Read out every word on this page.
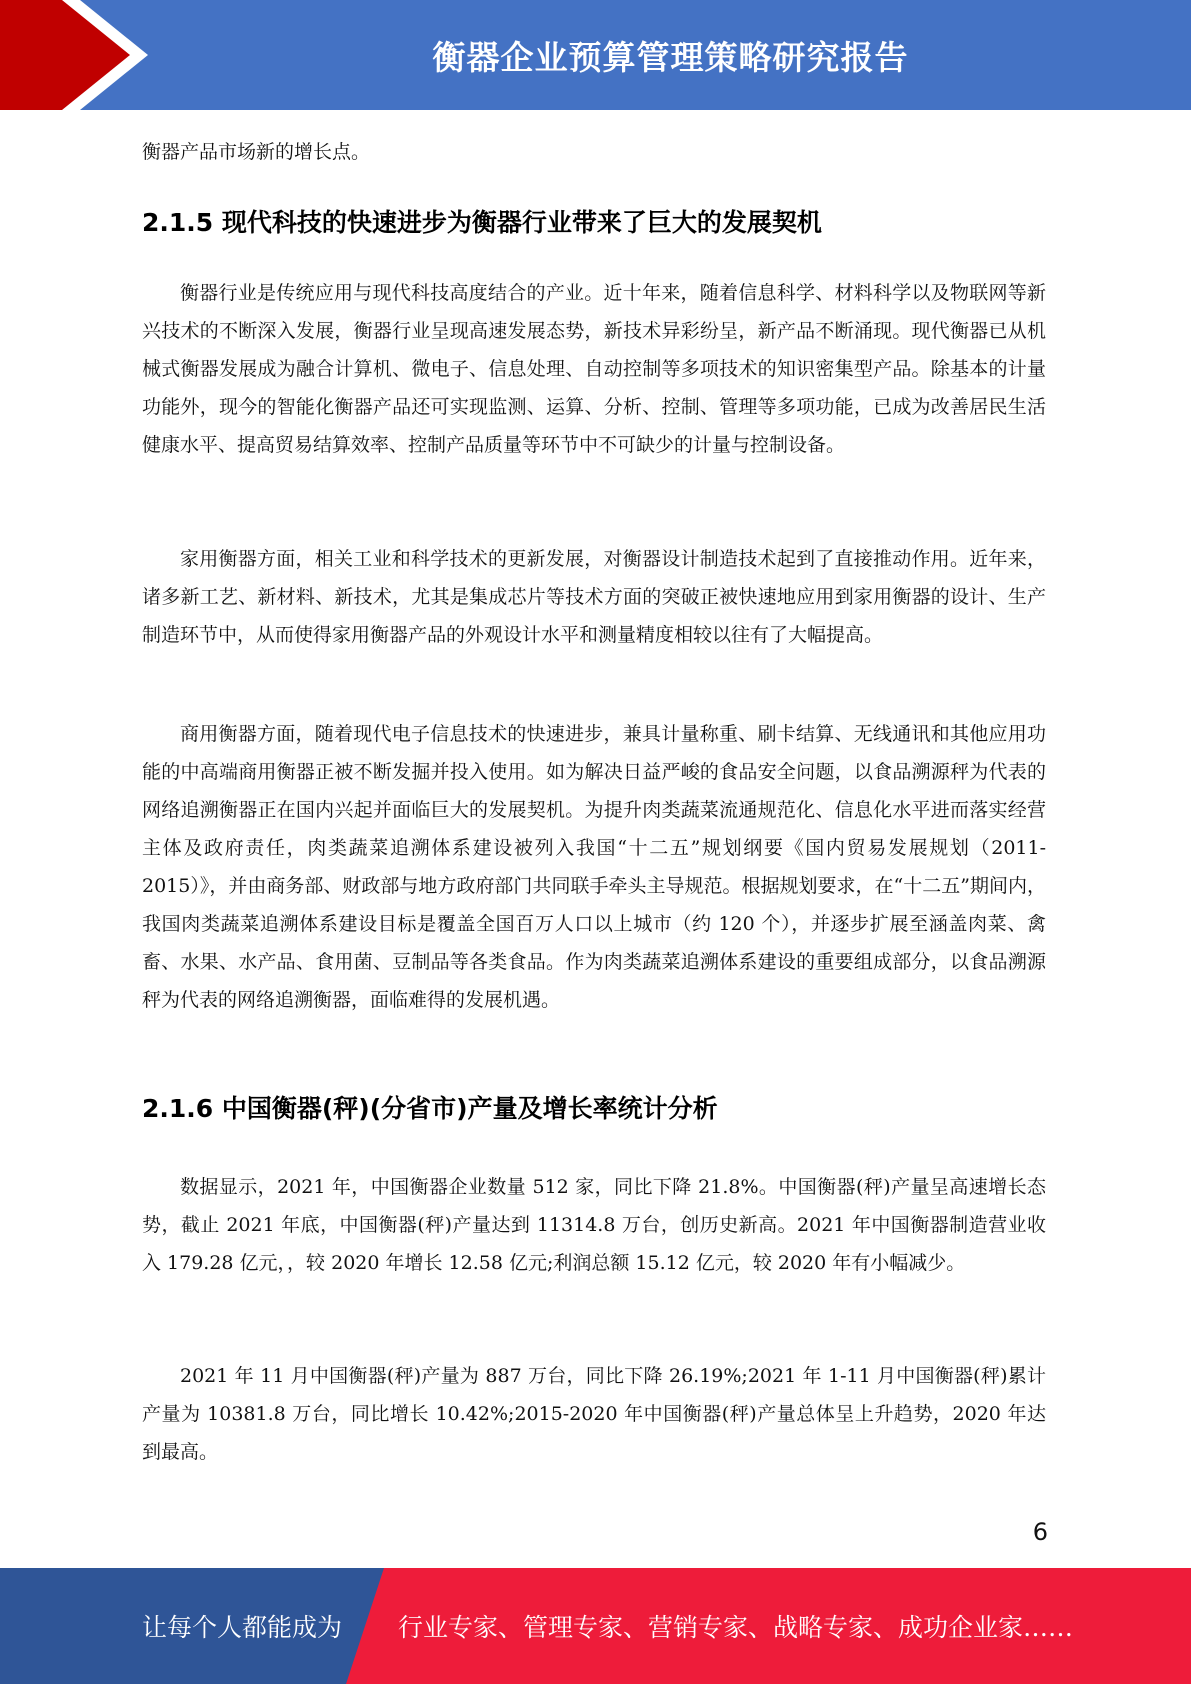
衡器企业预算管理策略研究报告

衡器产品市场新的增长点。

2.1.5 现代科技的快速进步为衡器行业带来了巨大的发展契机

衡器行业是传统应用与现代科技高度结合的产业。近十年来，随着信息科学、材料科学以及物联网等新兴技术的不断深入发展，衡器行业呈现高速发展态势，新技术异彩纷呈，新产品不断涌现。现代衡器已从机械式衡器发展成为融合计算机、微电子、信息处理、自动控制等多项技术的知识密集型产品。除基本的计量功能外，现今的智能化衡器产品还可实现监测、运算、分析、控制、管理等多项功能，已成为改善居民生活健康水平、提高贸易结算效率、控制产品质量等环节中不可缺少的计量与控制设备。

家用衡器方面，相关工业和科学技术的更新发展，对衡器设计制造技术起到了直接推动作用。近年来，诸多新工艺、新材料、新技术，尤其是集成芯片等技术方面的突破正被快速地应用到家用衡器的设计、生产制造环节中，从而使得家用衡器产品的外观设计水平和测量精度相较以往有了大幅提高。

商用衡器方面，随着现代电子信息技术的快速进步，兼具计量称重、刷卡结算、无线通讯和其他应用功能的中高端商用衡器正被不断发掘并投入使用。如为解决日益严峻的食品安全问题，以食品溯源秤为代表的网络追溯衡器正在国内兴起并面临巨大的发展契机。为提升肉类蔬菜流通规范化、信息化水平进而落实经营主体及政府责任，肉类蔬菜追溯体系建设被列入我国“十二五”规划纲要《国内贸易发展规划（2011-2015）》，并由商务部、财政部与地方政府部门共同联手牵头主导规范。根据规划要求，在“十二五”期间内，我国肉类蔬菜追溯体系建设目标是覆盖全国百万人口以上城市（约 120 个），并逐步扩展至涵盖肉菜、禽畜、水果、水产品、食用菌、豆制品等各类食品。作为肉类蔬菜追溯体系建设的重要组成部分，以食品溯源秤为代表的网络追溯衡器，面临难得的发展机遇。

2.1.6 中国衡器(秤)(分省市)产量及增长率统计分析

数据显示，2021 年，中国衡器企业数量 512 家，同比下降 21.8%。中国衡器(秤)产量呈高速增长态势，截止 2021 年底，中国衡器(秤)产量达到 11314.8 万台，创历史新高。2021 年中国衡器制造营业收入 179.28 亿元，，较 2020 年增长 12.58 亿元;利润总额 15.12 亿元，较 2020 年有小幅减少。

2021 年 11 月中国衡器(秤)产量为 887 万台，同比下降 26.19%;2021 年 1-11 月中国衡器(秤)累计产量为 10381.8 万台，同比增长 10.42%;2015-2020 年中国衡器(秤)产量总体呈上升趋势，2020 年达到最高。

6
让每个人都能成为 行业专家、管理专家、营销专家、战略专家、成功企业家……
